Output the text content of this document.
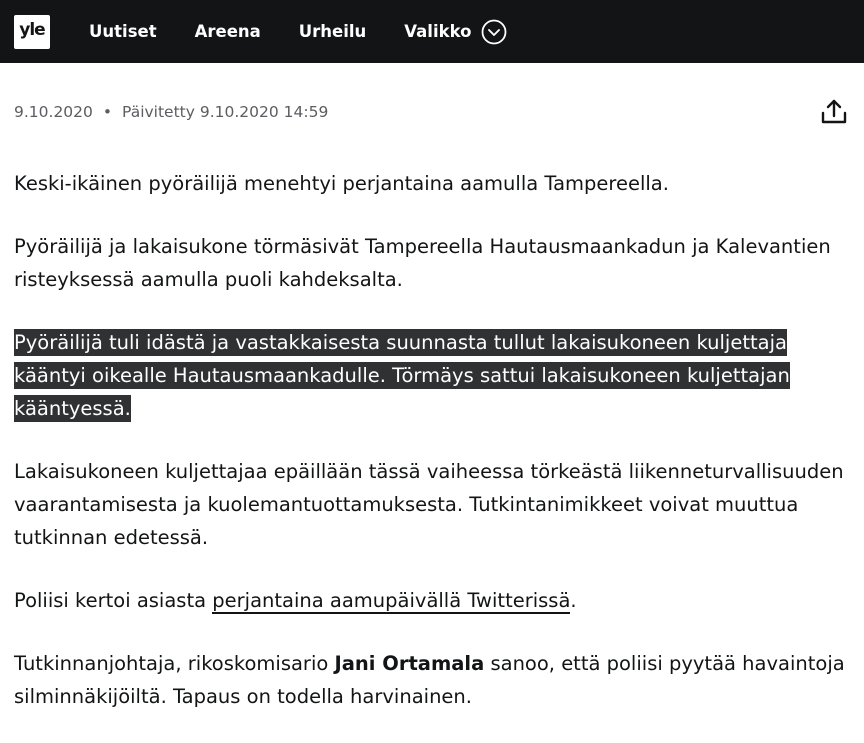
yle	Uutiset Areena Urheilu Valikko
9.10.2020 • Päivitetty 9.10.2020 14:59

Keski-ikäinen pyöräilijä menehtyi perjantaina aamulla Tampereella.

Pyöräilijä ja lakaisukone törmäsivät Tampereella Hautausmaankadun ja Kalevantien risteyksessä aamulla puoli kahdeksalta.

Pyöräilijä tuli idästä ja vastakkaisesta suunnasta tullut lakaisukoneen kuljettaja kääntyi oikealle Hautausmaankadulle. Törmäys sattui lakaisukoneen kuljettajan kääntyessä.

Lakaisukoneen kuljettajaa epäillään tässä vaiheessa törkeästä liikenneturvallisuuden vaarantamisesta ja kuolemantuottamuksesta. Tutkintanimikkeet voivat muuttua tutkinnan edetessä.

Poliisi kertoi asiasta perjantaina aamupäivällä Twitterissä.

Tutkinnanjohtaja, rikoskomisario Jani Ortamala sanoo, että poliisi pyytää havaintoja silminnäkijöiltä. Tapaus on todella harvinainen.
